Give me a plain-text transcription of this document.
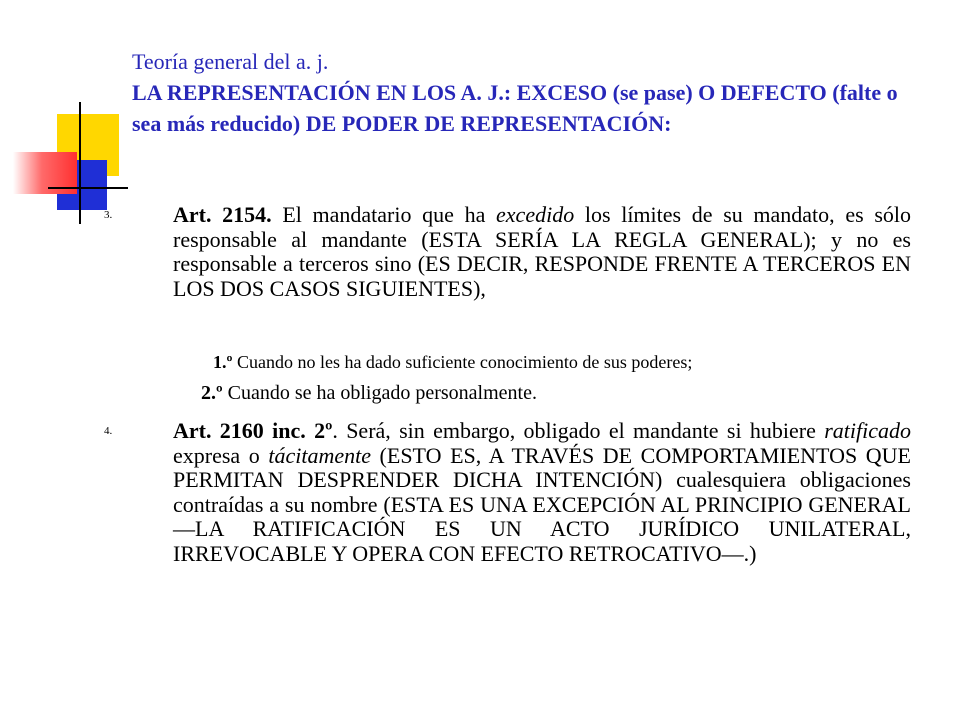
Teoría general del a. j.
LA REPRESENTACIÓN EN LOS A. J.: EXCESO (se pase) O DEFECTO (falte o sea más reducido) DE PODER DE REPRESENTACIÓN:
3.	Art. 2154. El mandatario que ha excedido los límites de su mandato, es sólo responsable al mandante (ESTA SERÍA LA REGLA GENERAL); y no es responsable a terceros sino (ES DECIR, RESPONDE FRENTE A TERCEROS EN LOS DOS CASOS SIGUIENTES),
1.º Cuando no les ha dado suficiente conocimiento de sus poderes;
2.º Cuando se ha obligado personalmente.
4.	Art. 2160 inc. 2º. Será, sin embargo, obligado el mandante si hubiere ratificado expresa o tácitamente (ESTO ES, A TRAVÉS DE COMPORTAMIENTOS QUE PERMITAN DESPRENDER DICHA INTENCIÓN) cualesquiera obligaciones contraídas a su nombre (ESTA ES UNA EXCEPCIÓN AL PRINCIPIO GENERAL—LA RATIFICACIÓN ES UN ACTO JURÍDICO UNILATERAL, IRREVOCABLE Y OPERA CON EFECTO RETROCATIVO—.)
